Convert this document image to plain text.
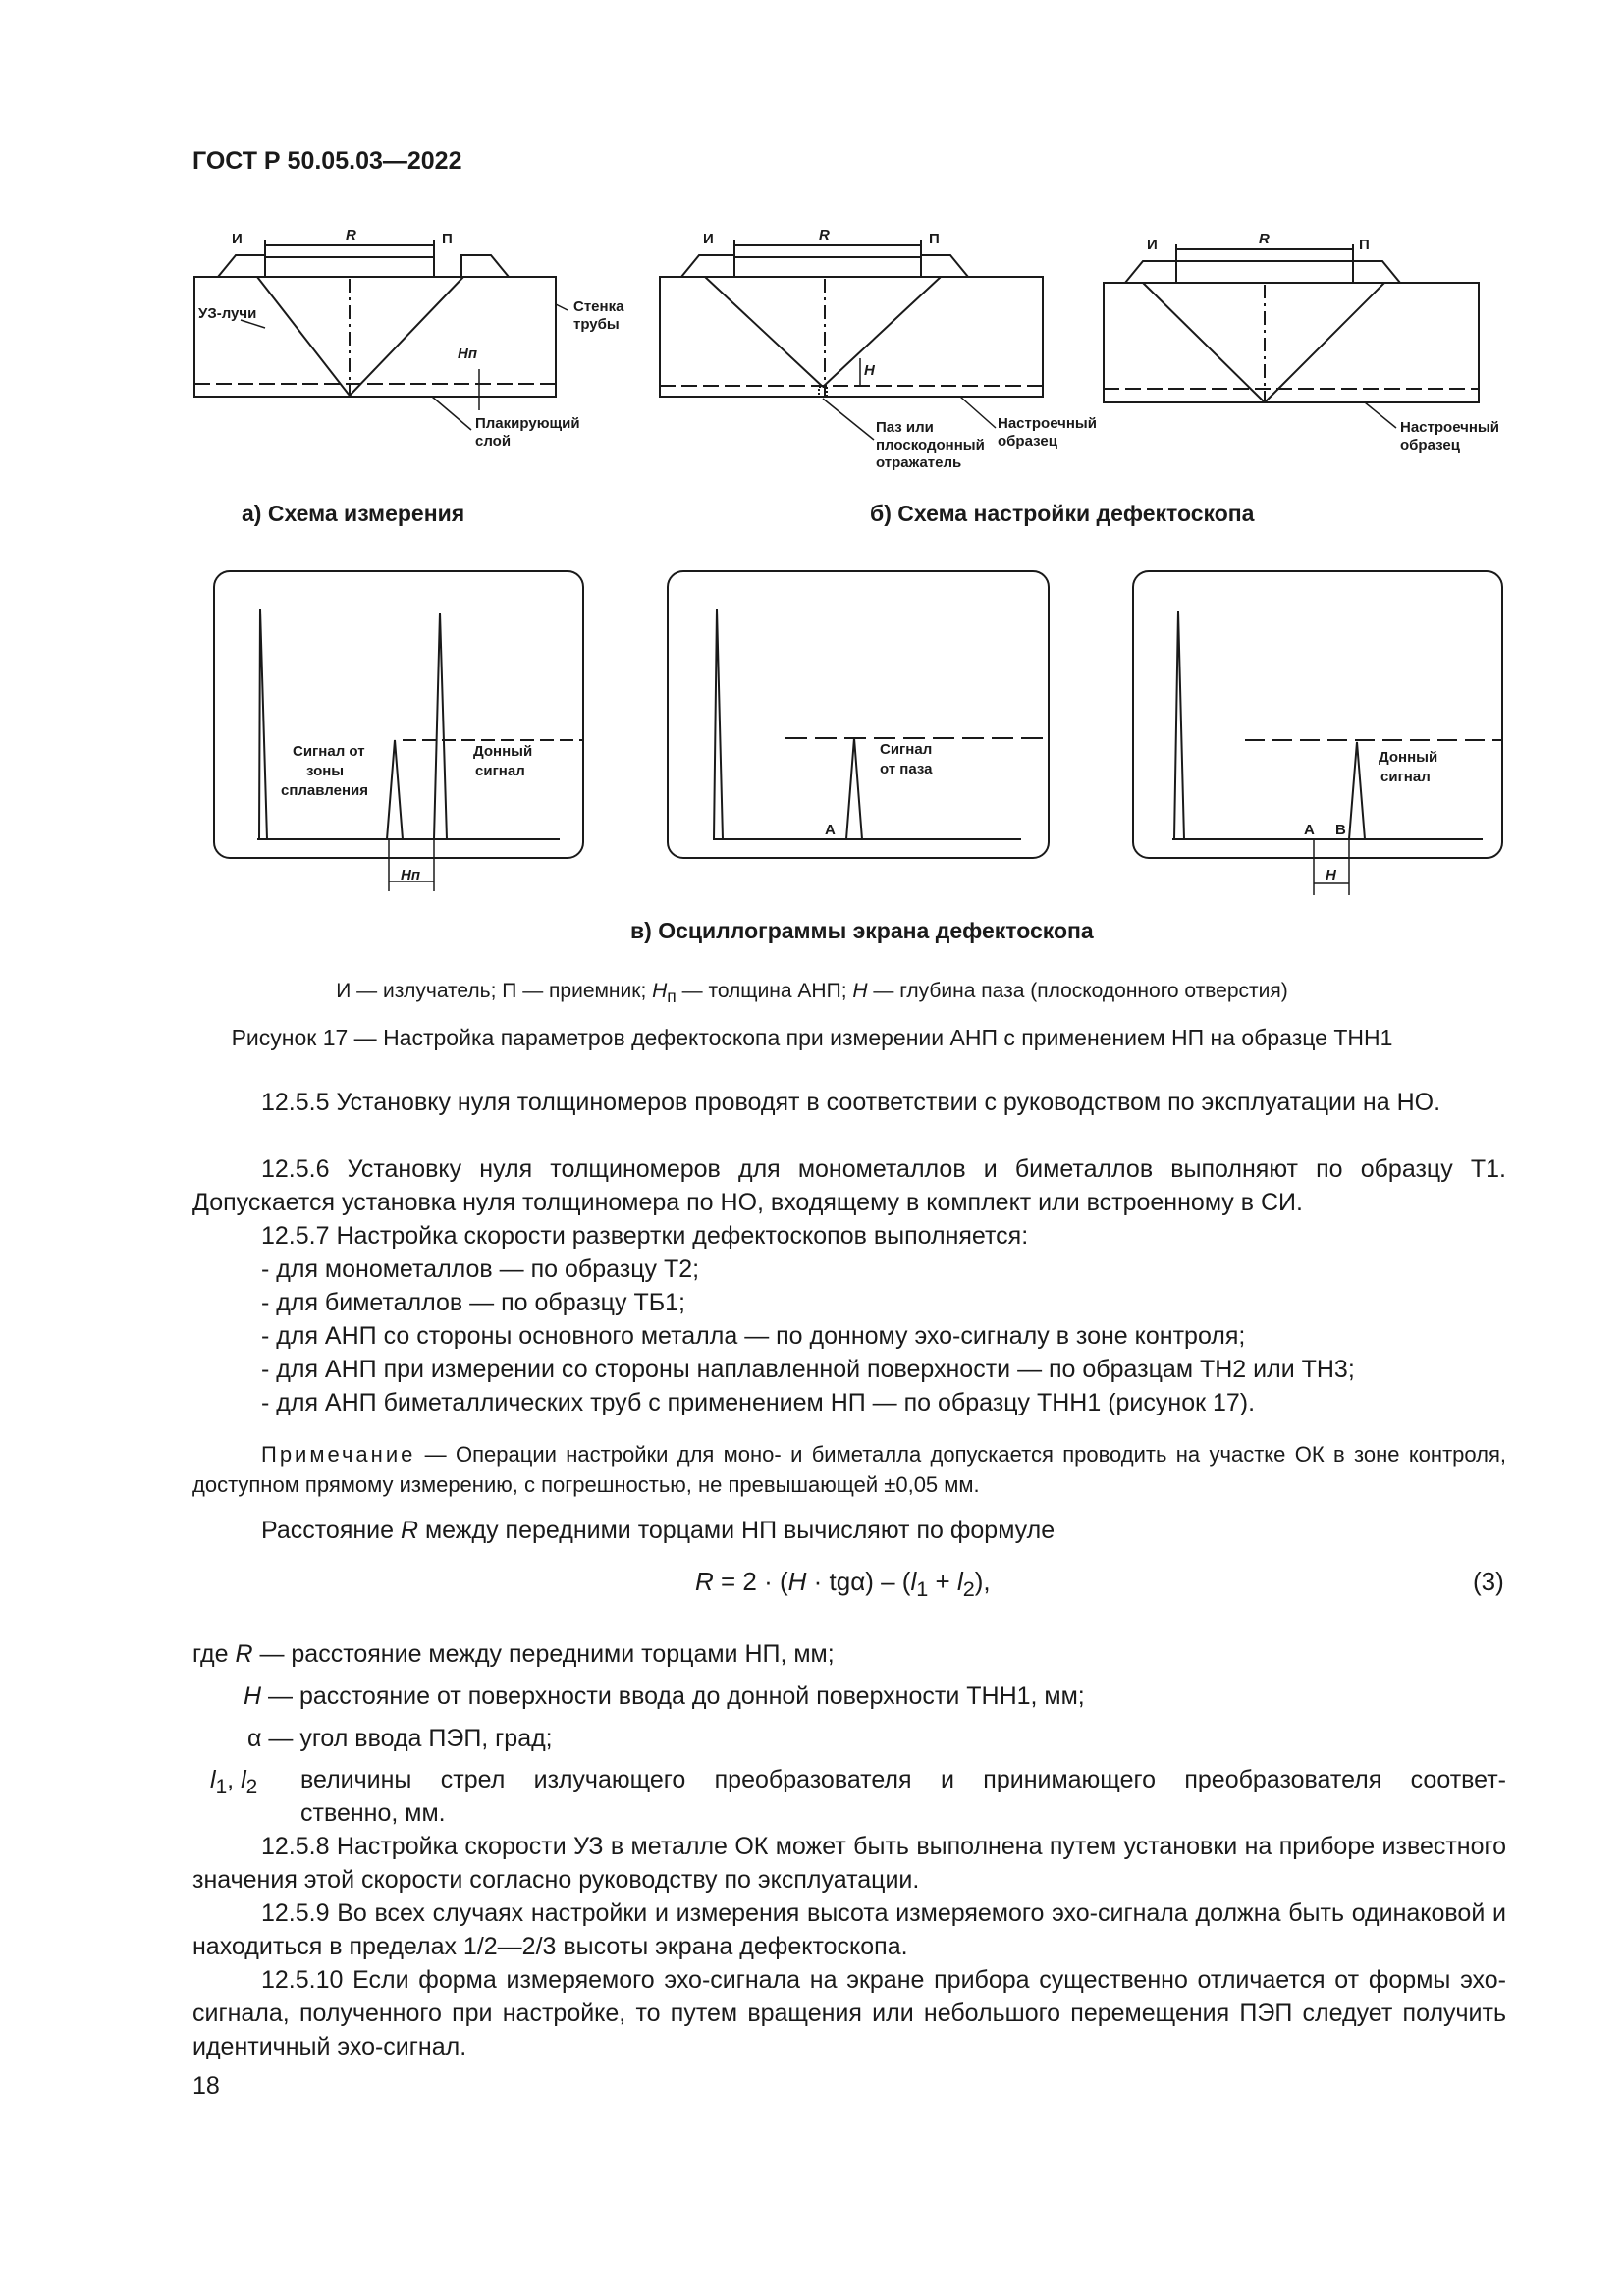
ГОСТ Р 50.05.03—2022
И	П
R
УЗ-лучи	Стенка
трубы
Hп
Плакирующий
слой
И	П
R
H
Паз или
плоскодонный
отражатель
Настроечный
образец
И	П
R
Настроечный
образец
Сигнал от
зоны
сплавления
Донный
сигнал
Hп
Сигнал
от паза
А
Донный
сигнал
А В
H
а) Схема измерения	б) Схема настройки дефектоскопа
в) Осциллограммы экрана дефектоскопа
И — излучатель; П — приемник; $H_п$ — толщина АНП; H — глубина паза (плоскодонного отверстия)
Рисунок 17 — Настройка параметров дефектоскопа при измерении АНП с применением НП на образце ТНН1
12.5.5 Установку нуля толщиномеров проводят в соответствии с руководством по эксплуатации на НО.
12.5.6 Установку нуля толщиномеров для монометаллов и биметаллов выполняют по образцу Т1. Допускается установка нуля толщиномера по НО, входящему в комплект или встроенному в СИ.
12.5.7 Настройка скорости развертки дефектоскопов выполняется:
- для монометаллов — по образцу Т2;
- для биметаллов — по образцу ТБ1;
- для АНП со стороны основного металла — по донному эхо-сигналу в зоне контроля;
- для АНП при измерении со стороны наплавленной поверхности — по образцам ТН2 или ТН3;
- для АНП биметаллических труб с применением НП — по образцу ТНН1 (рисунок 17).
Примечание — Операции настройки для моно- и биметалла допускается проводить на участке ОК в зоне контроля, доступном прямому измерению, с погрешностью, не превышающей ±0,05 мм.
Расстояние R между передними торцами НП вычисляют по формуле
$R = 2 \cdot (H \cdot tg\alpha) - (l_1 + l_2)$,	(3)
где R — расстояние между передними торцами НП, мм;
H — расстояние от поверхности ввода до донной поверхности ТНН1, мм;
α — угол ввода ПЭП, град;
$l_1$, $l_2$ величины стрел излучающего преобразователя и принимающего преобразователя соответ-
ственно, мм.
12.5.8 Настройка скорости УЗ в металле ОК может быть выполнена путем установки на приборе известного значения этой скорости согласно руководству по эксплуатации.
12.5.9 Во всех случаях настройки и измерения высота измеряемого эхо-сигнала должна быть одинаковой и находиться в пределах 1/2—2/3 высоты экрана дефектоскопа.
12.5.10 Если форма измеряемого эхо-сигнала на экране прибора существенно отличается от формы эхо-сигнала, полученного при настройке, то путем вращения или небольшого перемещения ПЭП следует получить идентичный эхо-сигнал.
18
